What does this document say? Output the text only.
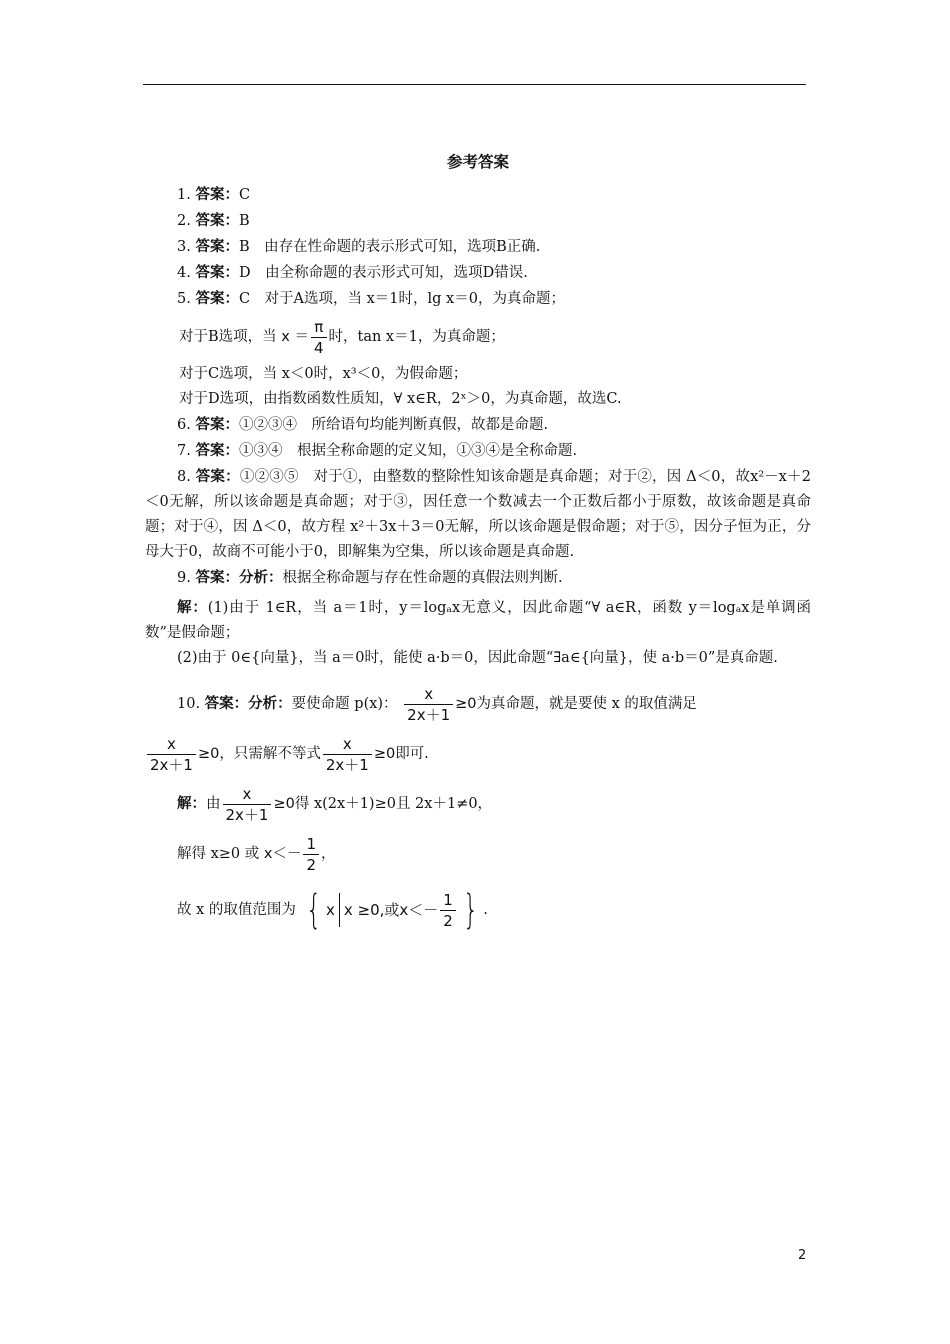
参考答案
1. 答案：C
2. 答案：B
3. 答案：B　由存在性命题的表示形式可知，选项B正确.
4. 答案：D　由全称命题的表示形式可知，选项D错误.
5. 答案：C　对于A选项，当 x＝1时，lg x＝0，为真命题；
对于B选项，当 $x = \frac{\pi}{4}$ 时，tan x＝1，为真命题；
对于C选项，当 x＜0时，x³＜0，为假命题；
对于D选项，由指数函数性质知，∀ x∈R，2ˣ＞0，为真命题，故选C.
6. 答案：①②③④　所给语句均能判断真假，故都是命题.
7. 答案：①③④　根据全称命题的定义知，①③④是全称命题.
8. 答案：①②③⑤　对于①，由整数的整除性知该命题是真命题；对于②，因 Δ＜0，故x²－x＋2＜0无解，所以该命题是真命题；对于③，因任意一个数减去一个正数后都小于原数，故该命题是真命题；对于④，因 Δ＜0，故方程 x²＋3x＋3＝0无解，所以该命题是假命题；对于⑤，因分子恒为正，分母大于0，故商不可能小于0，即解集为空集，所以该命题是真命题.
9. 答案：分析：根据全称命题与存在性命题的真假法则判断.
解：(1)由于 1∈R，当 a＝1时，y＝logₐx无意义，因此命题“∀ a∈R，函数 y＝logₐx是单调函数”是假命题；
(2)由于 0∈{向量}，当 a＝0时，能使 a·b＝0，因此命题“∃a∈{向量}，使 a·b＝0”是真命题.
10. 答案：分析：要使命题 p(x)： $\frac{x}{2x+1} \ge 0$为真命题，就是要使 x 的取值满足
$\frac{x}{2x+1} \ge 0$，只需解不等式 $\frac{x}{2x+1} \ge 0$即可.
解：由 $\frac{x}{2x+1} \ge 0$得 x(2x＋1)≥0且 2x＋1≠0，
解得 x≥0 或 $x<- \frac{1}{2}$ ，
故 x 的取值范围为 { x x ≥0,或$x<- \frac{1}{2}$ } .
2
